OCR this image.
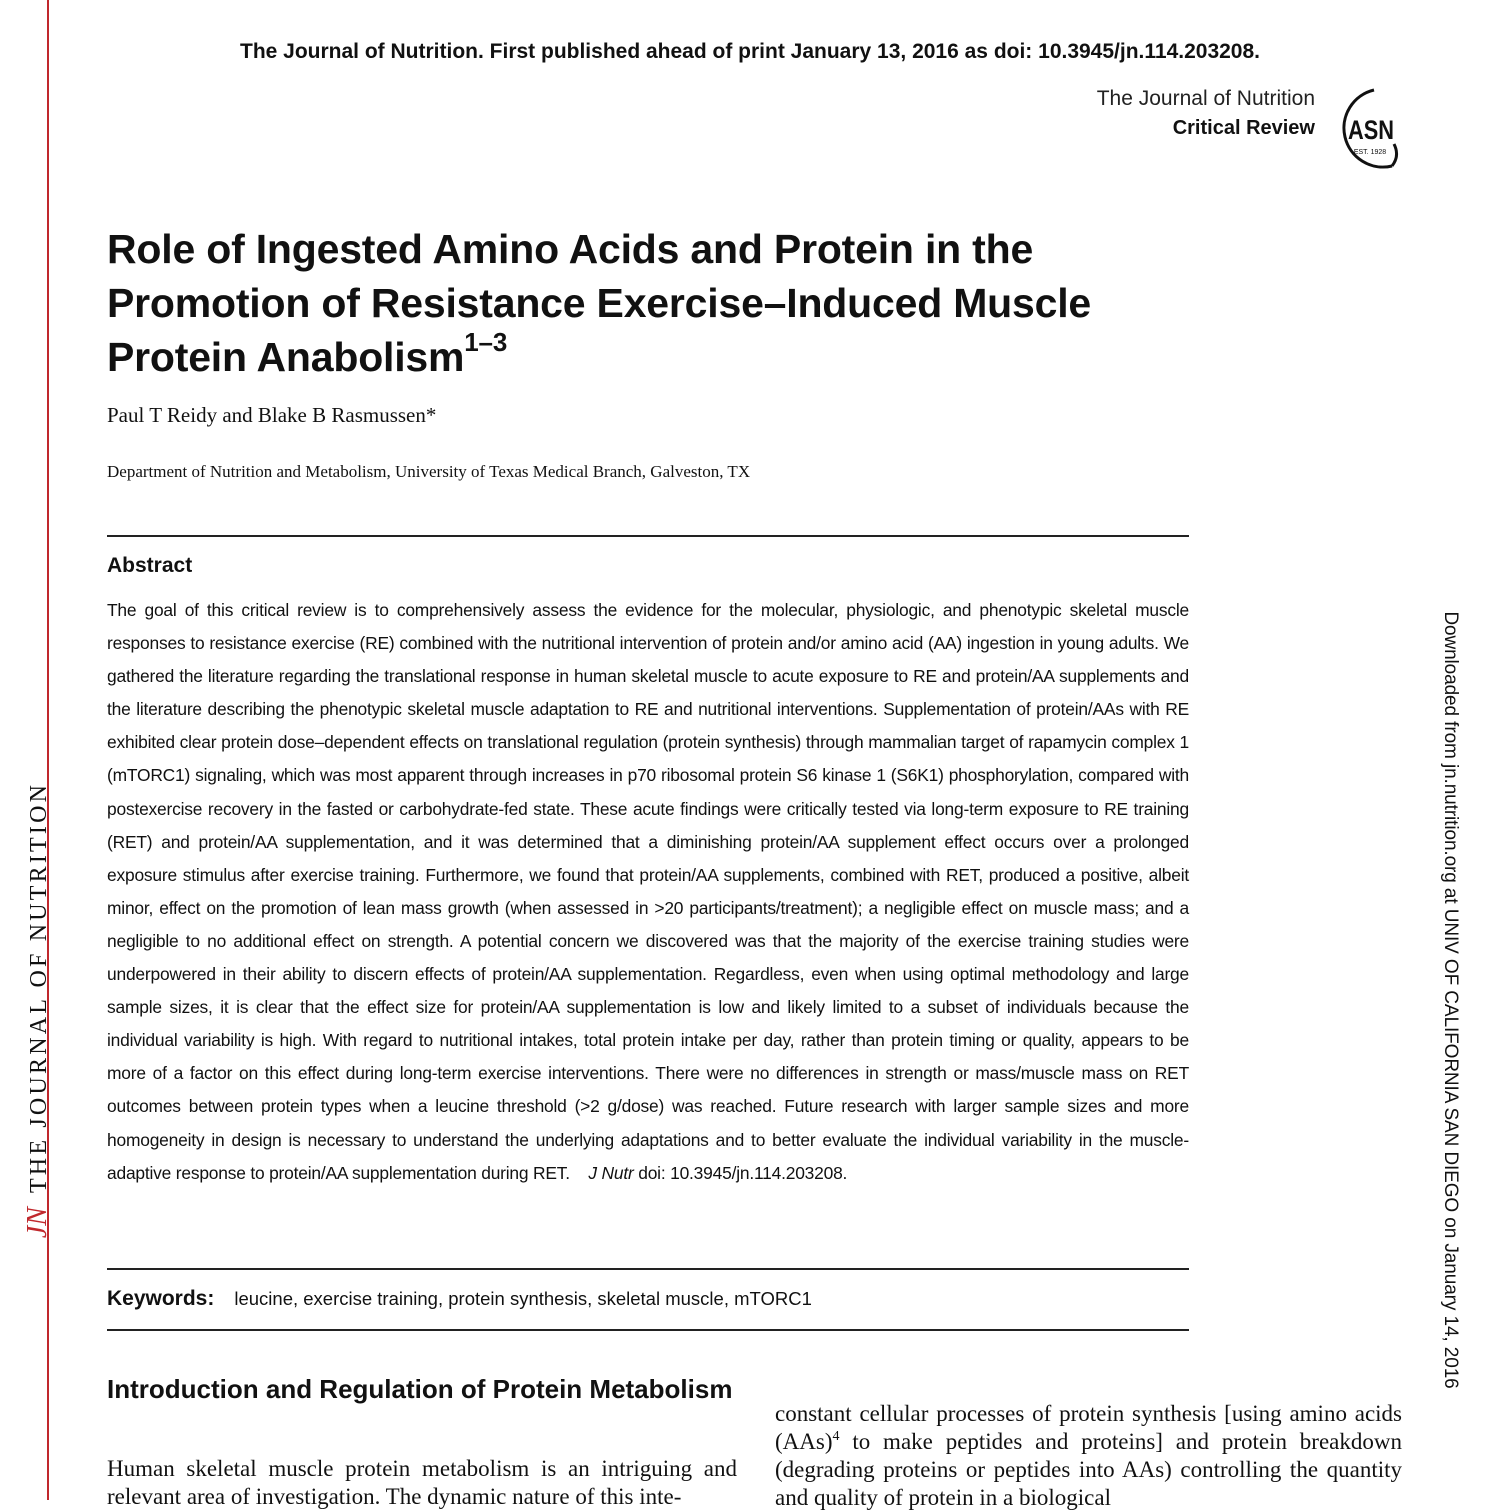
The Journal of Nutrition. First published ahead of print January 13, 2016 as doi: 10.3945/jn.114.203208.
The Journal of Nutrition
Critical Review ASN
EST. 1928
Role of Ingested Amino Acids and Protein in the Promotion of Resistance Exercise–Induced Muscle Protein Anabolism$^{1-3}$
Paul T Reidy and Blake B Rasmussen*
Department of Nutrition and Metabolism, University of Texas Medical Branch, Galveston, TX
Abstract
The goal of this critical review is to comprehensively assess the evidence for the molecular, physiologic, and phenotypic skeletal muscle responses to resistance exercise (RE) combined with the nutritional intervention of protein and/or amino acid (AA) ingestion in young adults. We gathered the literature regarding the translational response in human skeletal muscle to acute exposure to RE and protein/AA supplements and the literature describing the phenotypic skeletal muscle adaptation to RE and nutritional interventions. Supplementation of protein/AAs with RE exhibited clear protein dose–dependent effects on translational regulation (protein synthesis) through mammalian target of rapamycin complex 1 (mTORC1) signaling, which was most apparent through increases in p70 ribosomal protein S6 kinase 1 (S6K1) phosphorylation, compared with postexercise recovery in the fasted or carbohydrate-fed state. These acute findings were critically tested via long-term exposure to RE training (RET) and protein/AA supplementation, and it was determined that a diminishing protein/AA supplement effect occurs over a prolonged exposure stimulus after exercise training. Furthermore, we found that protein/AA supplements, combined with RET, produced a positive, albeit minor, effect on the promotion of lean mass growth (when assessed in >20 participants/treatment); a negligible effect on muscle mass; and a negligible to no additional effect on strength. A potential concern we discovered was that the majority of the exercise training studies were underpowered in their ability to discern effects of protein/AA supplementation. Regardless, even when using optimal methodology and large sample sizes, it is clear that the effect size for protein/AA supplementation is low and likely limited to a subset of individuals because the individual variability is high. With regard to nutritional intakes, total protein intake per day, rather than protein timing or quality, appears to be more of a factor on this effect during long-term exercise interventions. There were no differences in strength or mass/muscle mass on RET outcomes between protein types when a leucine threshold (>2 g/dose) was reached. Future research with larger sample sizes and more homogeneity in design is necessary to understand the underlying adaptations and to better evaluate the individual variability in the muscle-adaptive response to protein/AA supplementation during RET. J Nutr doi: 10.3945/jn.114.203208.
Keywords: leucine, exercise training, protein synthesis, skeletal muscle, mTORC1
Introduction and Regulation of Protein Metabolism
Human skeletal muscle protein metabolism is an intriguing and relevant area of investigation. The dynamic nature of this inte-
constant cellular processes of protein synthesis [using amino acids (AAs)$^4$ to make peptides and proteins] and protein breakdown (degrading proteins or peptides into AAs) controlling the quantity and quality of protein in a biological
JNTHE JOURNAL OF NUTRITION	Downloaded from jn.nutrition.org at UNIV OF CALIFORNIA SAN DIEGO on January 14, 2016
